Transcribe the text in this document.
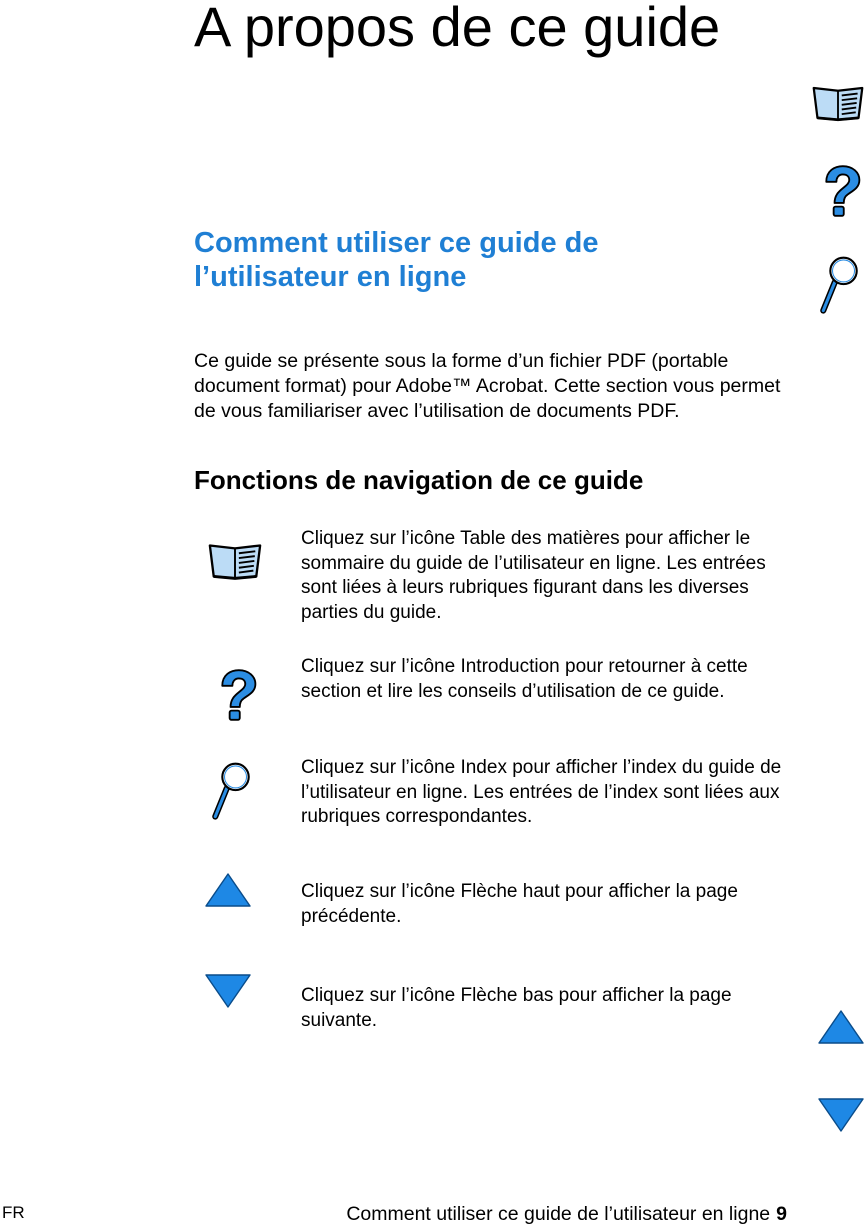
A propos de ce guide
Comment utiliser ce guide de l’utilisateur en ligne

Ce guide se présente sous la forme d’un fichier PDF (portable document format) pour Adobe™ Acrobat. Cette section vous permet de vous familiariser avec l’utilisation de documents PDF.

Fonctions de navigation de ce guide

Cliquez sur l’icône Table des matières pour afficher le sommaire du guide de l’utilisateur en ligne. Les entrées sont liées à leurs rubriques figurant dans les diverses parties du guide.

Cliquez sur l’icône Introduction pour retourner à cette section et lire les conseils d’utilisation de ce guide.

Cliquez sur l’icône Index pour afficher l’index du guide de l’utilisateur en ligne. Les entrées de l’index sont liées aux rubriques correspondantes.

Cliquez sur l’icône Flèche haut pour afficher la page précédente.

Cliquez sur l’icône Flèche bas pour afficher la page suivante.

FR	Comment utiliser ce guide de l’utilisateur en ligne 9
